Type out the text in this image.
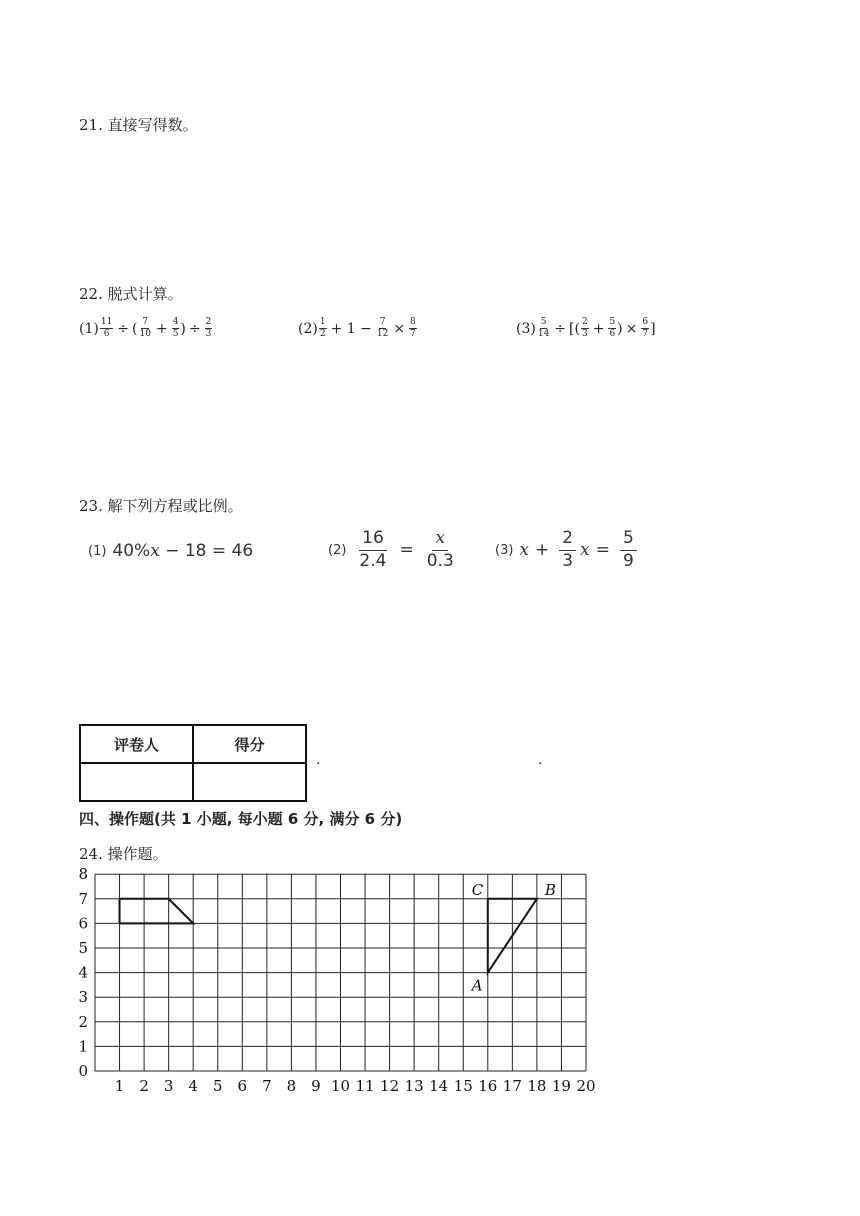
21. 直接写得数。
22. 脱式计算。
$(1) \frac{11}{6}$ ÷ ( $\frac{7}{10} + \frac{4}{5}$ ) ÷ $\frac{2}{3}$	$(2) \frac{1}{2} + 1 - \frac{7}{12} \times \frac{8}{7}$	$(3) \frac{5}{14}$ ÷ [( $\frac{2}{3} + \frac{5}{6}$ ) × $\frac{6}{7}$ ]
23. 解下列方程或比例。
(1) 40% x − 18 = 46	$(2) \frac{16}{2.4} = \frac{x}{0.3}$	(3) $x + \frac{2}{3}$ $x = \frac{5}{9}$
评卷人	得分

·	·
四、操作题(共 1 小题, 每小题 6 分, 满分 6 分)
24. 操作题。
1 2 3 4 5 6 7 8 9 10 11 12 13 14 15 16 17 18 19 20
0
1
2
3
4
5
6
7
8
A
B
C
